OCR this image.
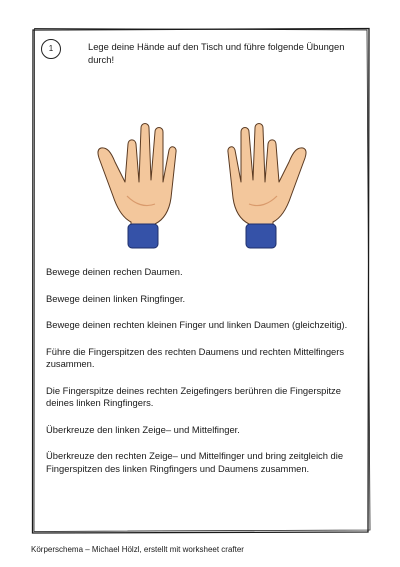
1	Lege deine Hände auf den Tisch und führe folgende Übungen durch!

Bewege deinen rechen Daumen.

Bewege deinen linken Ringfinger.

Bewege deinen rechten kleinen Finger und linken Daumen (gleichzeitig).

Führe die Fingerspitzen des rechten Daumens und rechten Mittelfingers zusammen.

Die Fingerspitze deines rechten Zeigefingers berühren die Fingerspitze deines linken Ringfingers.

Überkreuze den linken Zeige– und Mittelfinger.

Überkreuze den rechten Zeige– und Mittelfinger und bring zeitgleich die Fingerspitzen des linken Ringfingers und Daumens zusammen.

Körperschema – Michael Hölzl, erstellt mit worksheet crafter
